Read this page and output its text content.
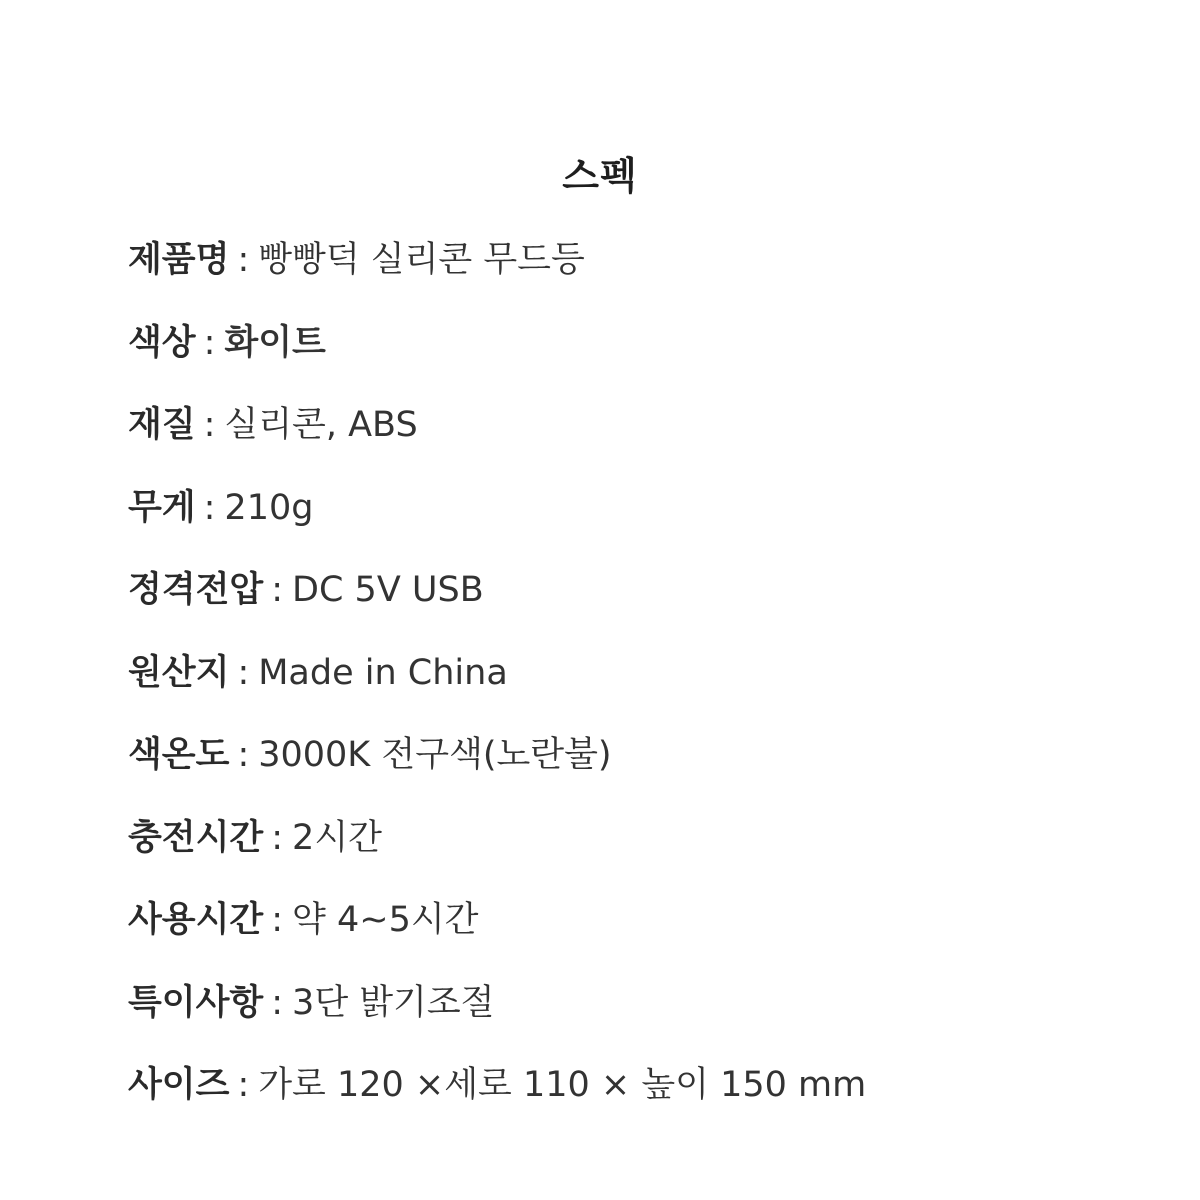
스펙
제품명 : 빵빵덕 실리콘 무드등
색상 : 화이트
재질 : 실리콘, ABS
무게 : 210g
정격전압 : DC 5V USB
원산지 : Made in China
색온도 : 3000K 전구색(노란불)
충전시간 : 2시간
사용시간 : 약 4~5시간
특이사항 : 3단 밝기조절
사이즈 : 가로 120 ×세로 110 × 높이 150 mm
